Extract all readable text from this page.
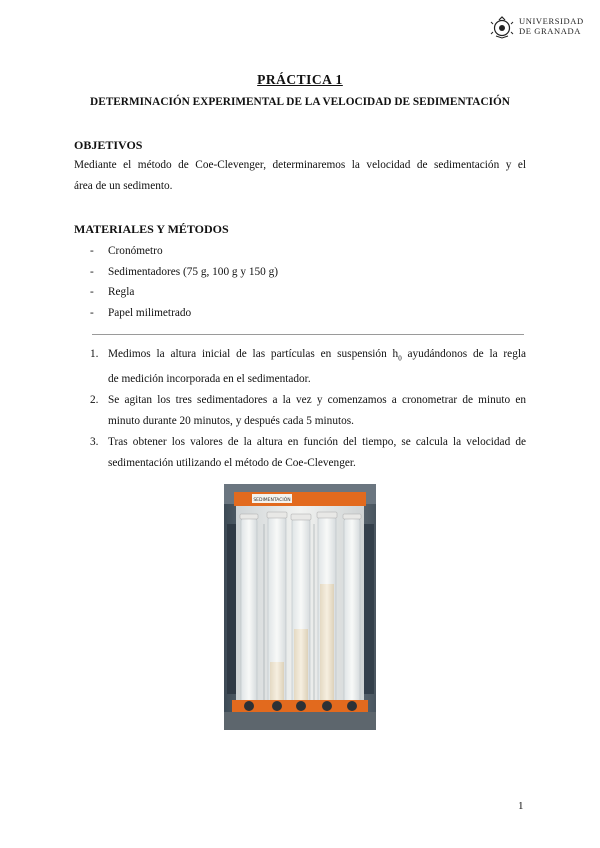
UNIVERSIDAD
DE GRANADA
PRÁCTICA 1
DETERMINACIÓN EXPERIMENTAL DE LA VELOCIDAD DE SEDIMENTACIÓN
OBJETIVOS
Mediante el método de Coe-Clevenger, determinaremos la velocidad de sedimentación y el
área de un sedimento.
MATERIALES Y MÉTODOS
- Cronómetro
- Sedimentadores (75 g, 100 g y 150 g)
- Regla
- Papel milimetrado
1. Medimos la altura inicial de las partículas en suspensión $h_0$ ayudándonos de la regla
de medición incorporada en el sedimentador.
2. Se agitan los tres sedimentadores a la vez y comenzamos a cronometrar de minuto en
minuto durante 20 minutos, y después cada 5 minutos.
3. Tras obtener los valores de la altura en función del tiempo, se calcula la velocidad de
sedimentación utilizando el método de Coe-Clevenger.
SEDIMENTACIÓN
1
